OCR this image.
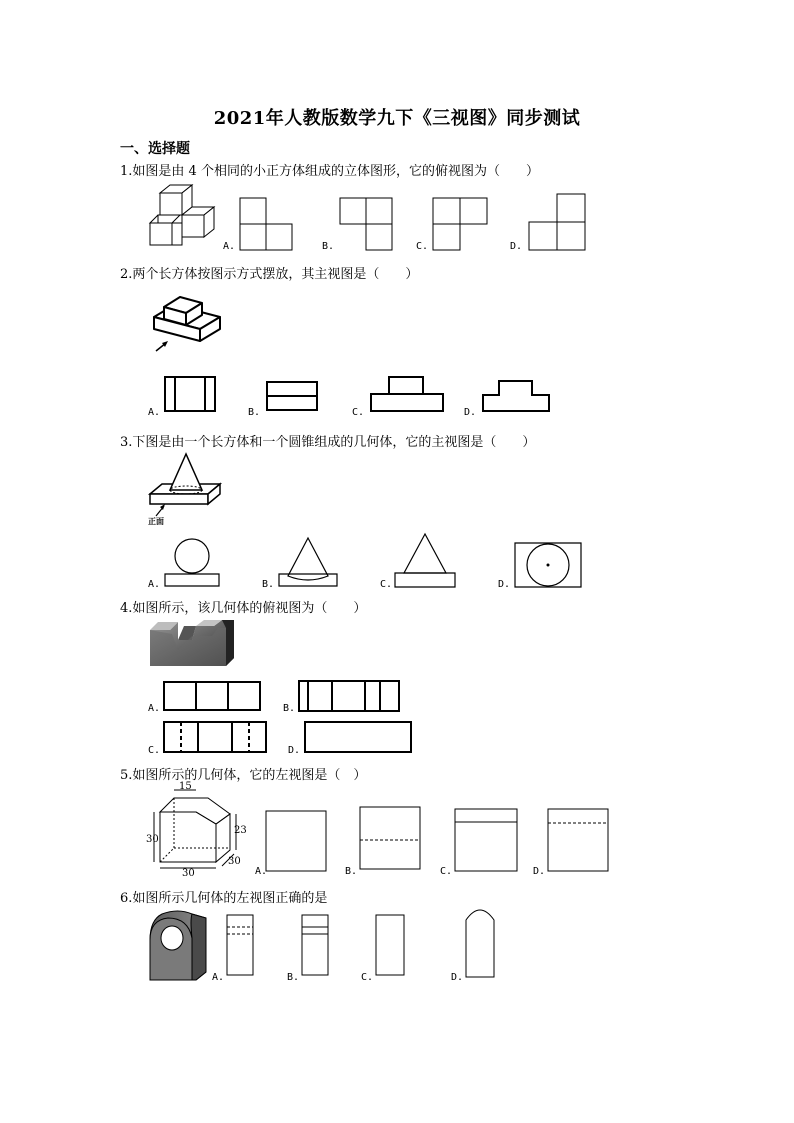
2021年人教版数学九下《三视图》同步测试
一、选择题
1.如图是由 4 个相同的小正方体组成的立体图形，它的俯视图为（　　）
A.	B.	C.	D.
2.两个长方体按图示方式摆放，其主视图是（　　）
A.	B.	C.	D.
3.下图是由一个长方体和一个圆锥组成的几何体，它的主视图是（　　）
正面
A.	B.	C.	D.
4.如图所示，该几何体的俯视图为（　　）
A.	B.
C.	D.
5.如图所示的几何体，它的左视图是（　）
15
23
30
30
30
A.	B.	C.	D.
6.如图所示几何体的左视图正确的是
A.	B.	C.	D.
